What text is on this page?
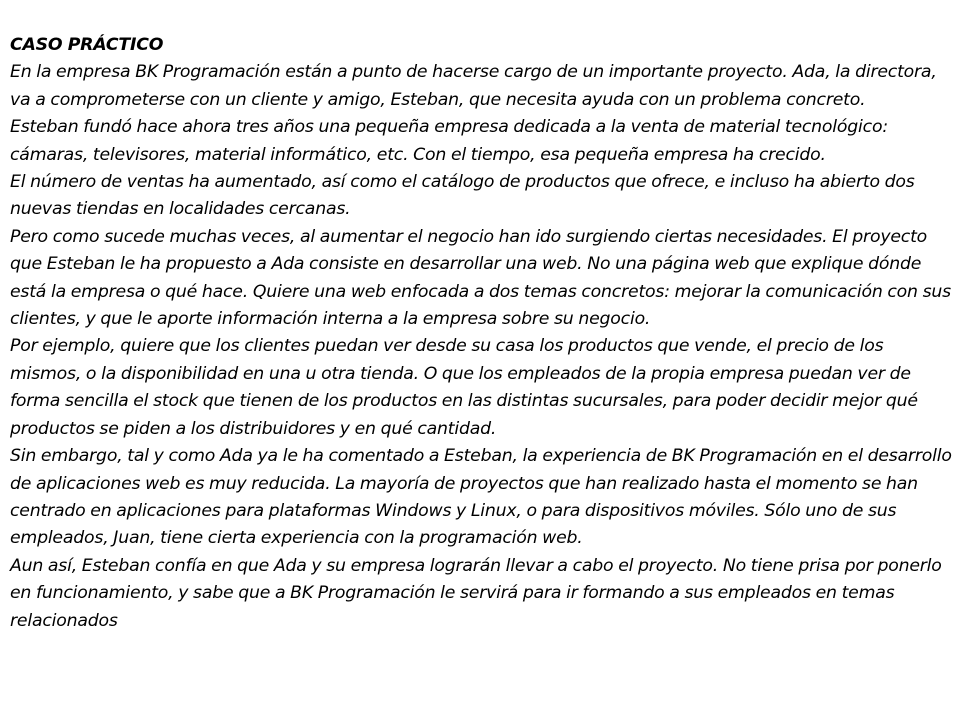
CASO PRÁCTICO

En la empresa BK Programación están a punto de hacerse cargo de un importante proyecto. Ada, la directora, va a comprometerse con un cliente y amigo, Esteban, que necesita ayuda con un problema concreto.

Esteban fundó hace ahora tres años una pequeña empresa dedicada a la venta de material tecnológico: cámaras, televisores, material informático, etc. Con el tiempo, esa pequeña empresa ha crecido.

El número de ventas ha aumentado, así como el catálogo de productos que ofrece, e incluso ha abierto dos nuevas tiendas en localidades cercanas.

Pero como sucede muchas veces, al aumentar el negocio han ido surgiendo ciertas necesidades. El proyecto que Esteban le ha propuesto a Ada consiste en desarrollar una web. No una página web que explique dónde está la empresa o qué hace. Quiere una web enfocada a dos temas concretos: mejorar la comunicación con sus clientes, y que le aporte información interna a la empresa sobre su negocio.

Por ejemplo, quiere que los clientes puedan ver desde su casa los productos que vende, el precio de los mismos, o la disponibilidad en una u otra tienda. O que los empleados de la propia empresa puedan ver de forma sencilla el stock que tienen de los productos en las distintas sucursales, para poder decidir mejor qué productos se piden a los distribuidores y en qué cantidad.

Sin embargo, tal y como Ada ya le ha comentado a Esteban, la experiencia de BK Programación en el desarrollo de aplicaciones web es muy reducida. La mayoría de proyectos que han realizado hasta el momento se han centrado en aplicaciones para plataformas Windows y Linux, o para dispositivos móviles. Sólo uno de sus empleados, Juan, tiene cierta experiencia con la programación web.

Aun así, Esteban confía en que Ada y su empresa lograrán llevar a cabo el proyecto. No tiene prisa por ponerlo en funcionamiento, y sabe que a BK Programación le servirá para ir formando a sus empleados en temas relacionados
